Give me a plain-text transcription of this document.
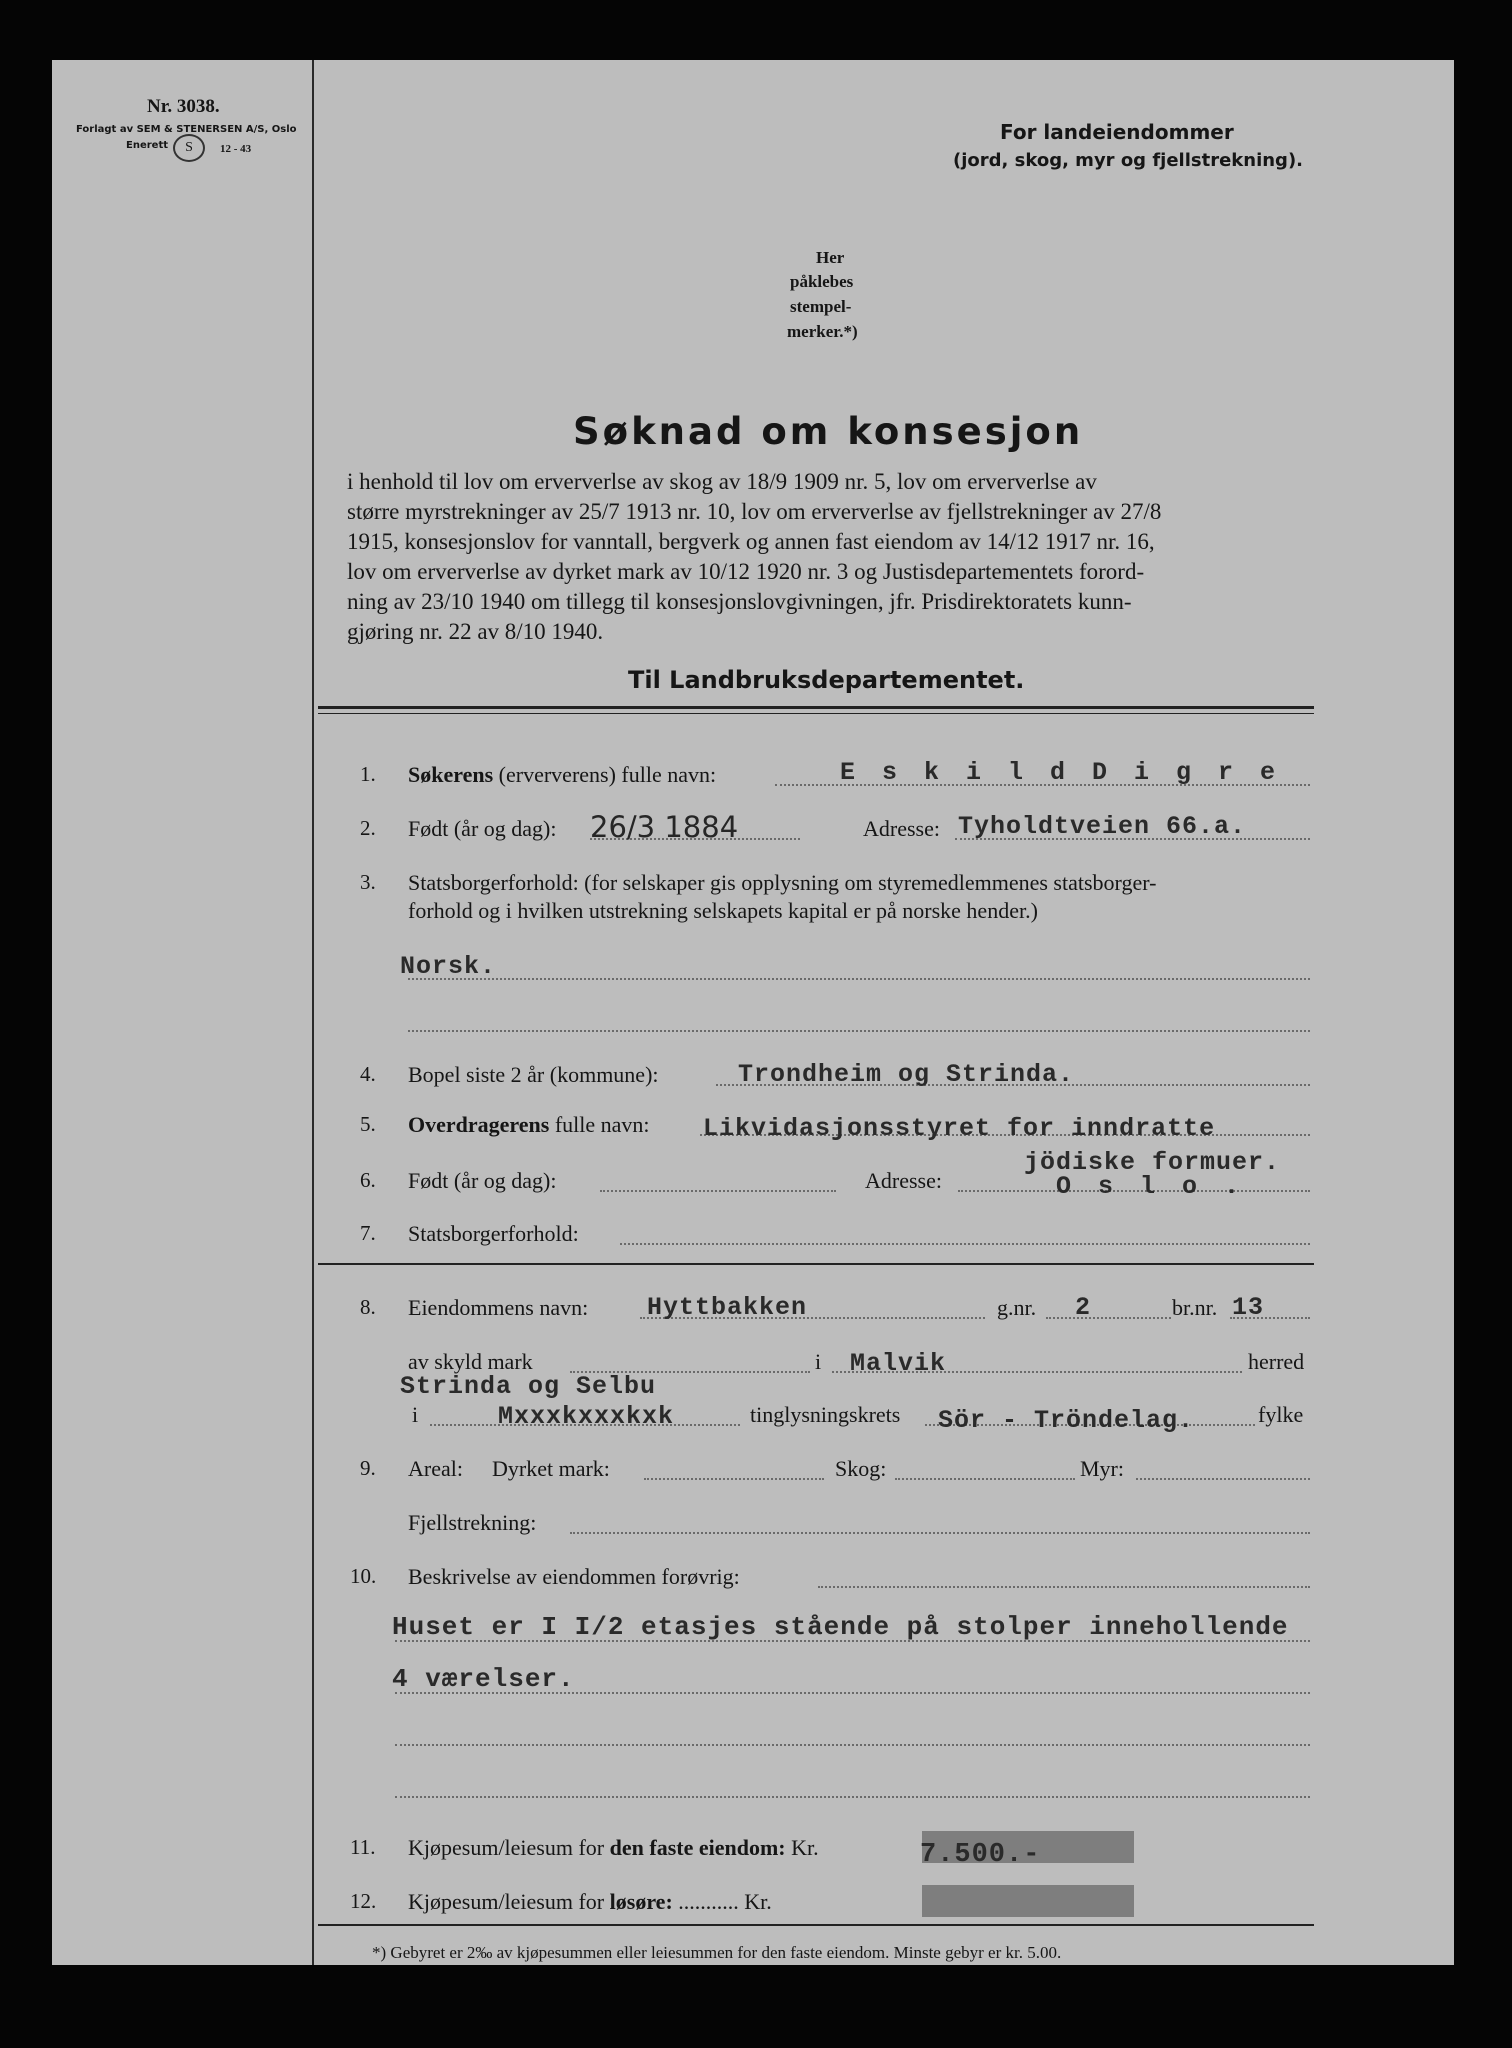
Nr. 3038.
Forlagt av SEM & STENERSEN A/S, Oslo
Enerett	S	12 - 43
For landeiendommer
(jord, skog, myr og fjellstrekning).
Her
påklebes
stempel-
merker.*)
Søknad om konsesjon
i henhold til lov om erververlse av skog av 18/9 1909 nr. 5, lov om erververlse av
større myrstrekninger av 25/7 1913 nr. 10, lov om erververlse av fjellstrekninger av 27/8
1915, konsesjonslov for vanntall, bergverk og annen fast eiendom av 14/12 1917 nr. 16,
lov om erververlse av dyrket mark av 10/12 1920 nr. 3 og Justisdepartementets forord-
ning av 23/10 1940 om tillegg til konsesjonslovgivningen, jfr. Prisdirektoratets kunn-
gjøring nr. 22 av 8/10 1940.
Til Landbruksdepartementet.
1. Søkerens (erververens) fulle navn:	E s k i l d D i g r e
2. Født (år og dag): 26/3 1884	Adresse: Tyholdtveien 66.a.
3. Statsborgerforhold: (for selskaper gis opplysning om styremedlemmenes statsborger-
forhold og i hvilken utstrekning selskapets kapital er på norske hender.)
Norsk.
4. Bopel siste 2 år (kommune):	Trondheim og Strinda.
5. Overdragerens fulle navn: Likvidasjonsstyret for inndratte
jödiske formuer.
6. Født (år og dag):	Adresse:	O s l o .
7. Statsborgerforhold:
8. Eiendommens navn: Hyttbakken	g.nr. 2	br.nr. 13
av skyld mark	i Malvik	herred
Strinda og Selbu
i	Mxxxkxxxkxk	tinglysningskrets Sör - Tröndelag.	fylke
9. Areal: Dyrket mark:	Skog:	Myr:
Fjellstrekning:
10. Beskrivelse av eiendommen forøvrig:
Huset er I I/2 etasjes stående på stolper innehollende
4 værelser.
11. Kjøpesum/leiesum for den faste eiendom: Kr.	7.500.-
12. Kjøpesum/leiesum for løsøre: ........... Kr.
*) Gebyret er 2‰ av kjøpesummen eller leiesummen for den faste eiendom. Minste gebyr er kr. 5.00.
